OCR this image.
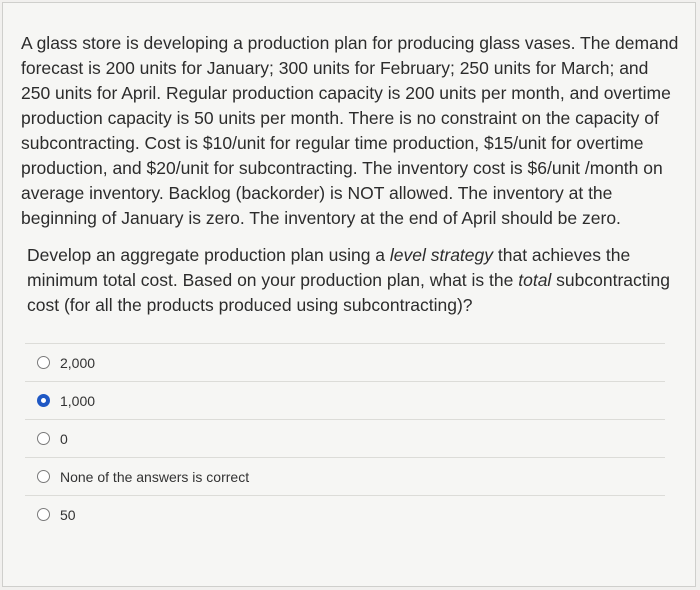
A glass store is developing a production plan for producing glass vases. The demand forecast is 200 units for January; 300 units for February; 250 units for March; and 250 units for April. Regular production capacity is 200 units per month, and overtime production capacity is 50 units per month. There is no constraint on the capacity of subcontracting. Cost is $10/unit for regular time production, $15/unit for overtime production, and $20/unit for subcontracting. The inventory cost is $6/unit /month on average inventory. Backlog (backorder) is NOT allowed. The inventory at the beginning of January is zero. The inventory at the end of April should be zero.

Develop an aggregate production plan using a level strategy that achieves the minimum total cost. Based on your production plan, what is the total subcontracting cost (for all the products produced using subcontracting)?

2,000
1,000
0
None of the answers is correct
50
